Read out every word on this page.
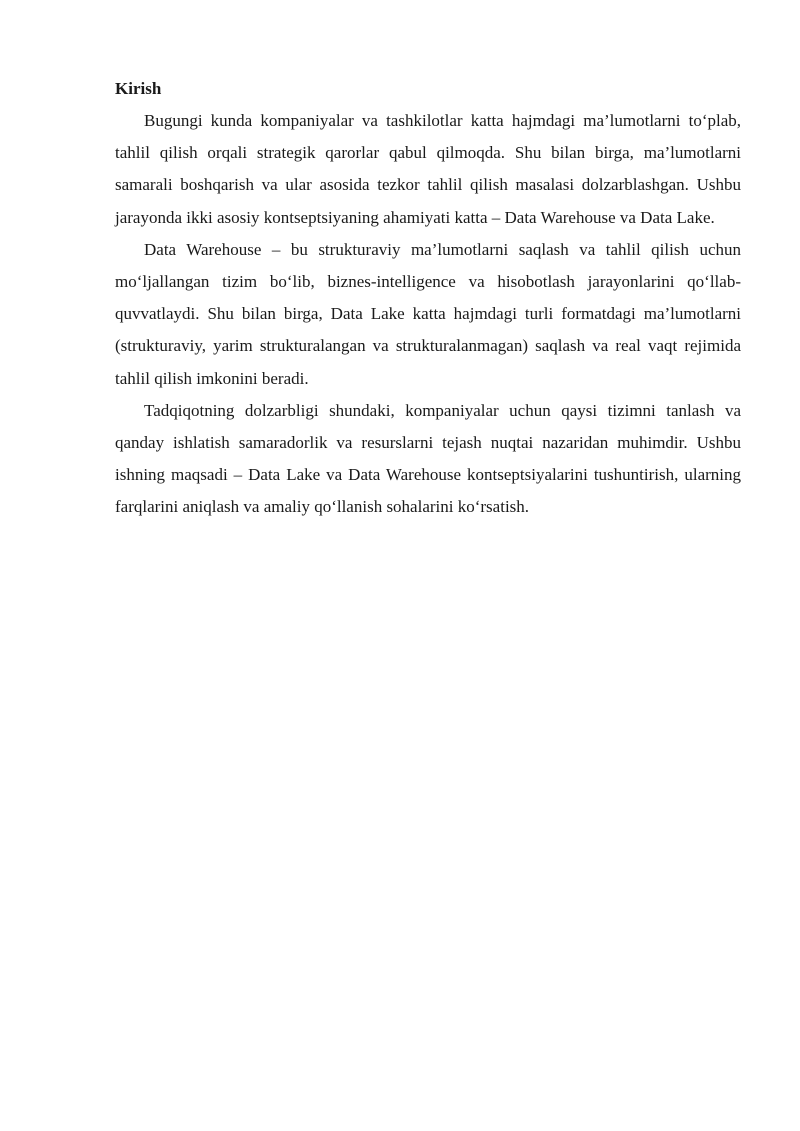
Kirish

Bugungi kunda kompaniyalar va tashkilotlar katta hajmdagi ma’lumotlarni to‘plab, tahlil qilish orqali strategik qarorlar qabul qilmoqda. Shu bilan birga, ma’lumotlarni samarali boshqarish va ular asosida tezkor tahlil qilish masalasi dolzarblashgan. Ushbu jarayonda ikki asosiy kontseptsiyaning ahamiyati katta – Data Warehouse va Data Lake.

Data Warehouse – bu strukturaviy ma’lumotlarni saqlash va tahlil qilish uchun mo‘ljallangan tizim bo‘lib, biznes-intelligence va hisobotlash jarayonlarini qo‘llab-quvvatlaydi. Shu bilan birga, Data Lake katta hajmdagi turli formatdagi ma’lumotlarni (strukturaviy, yarim strukturalangan va strukturalanmagan) saqlash va real vaqt rejimida tahlil qilish imkonini beradi.

Tadqiqotning dolzarbligi shundaki, kompaniyalar uchun qaysi tizimni tanlash va qanday ishlatish samaradorlik va resurslarni tejash nuqtai nazaridan muhimdir. Ushbu ishning maqsadi – Data Lake va Data Warehouse kontseptsiyalarini tushuntirish, ularning farqlarini aniqlash va amaliy qo‘llanish sohalarini ko‘rsatish.
